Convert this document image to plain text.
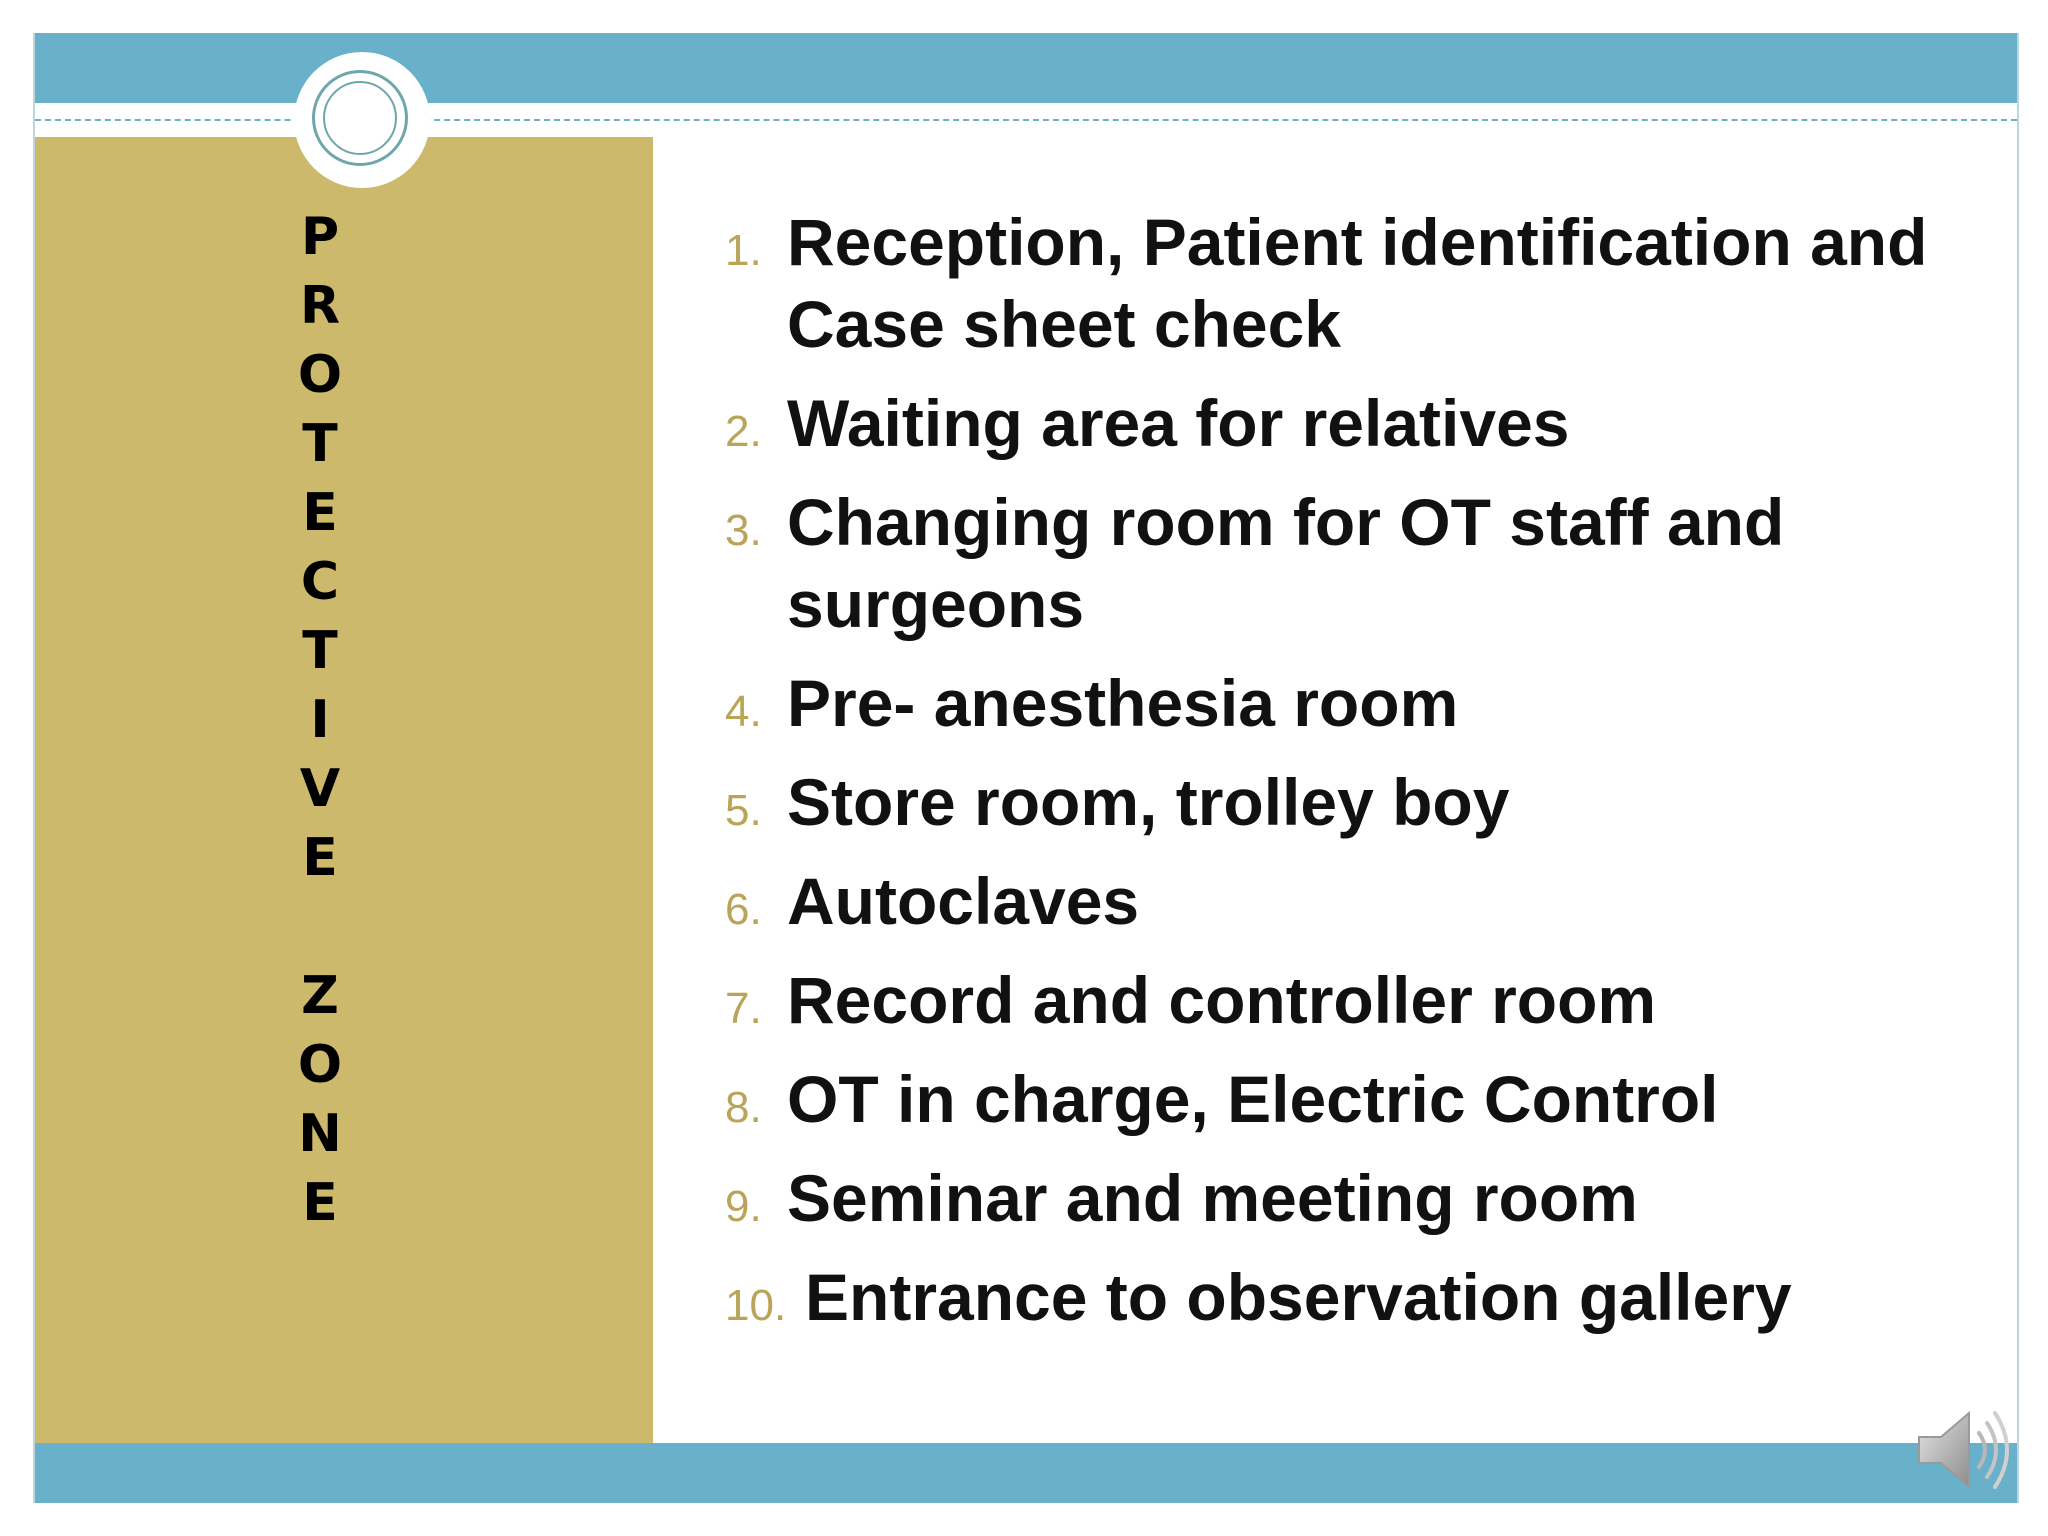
P
R
O
T
E
C
T
I
V
E
Z
O
N
E
1. Reception, Patient identification and Case sheet check
2. Waiting area for relatives
3. Changing room for OT staff and surgeons
4. Pre- anesthesia room
5. Store room, trolley boy
6. Autoclaves
7. Record and controller room
8. OT in charge, Electric Control
9. Seminar and meeting room
10. Entrance to observation gallery
